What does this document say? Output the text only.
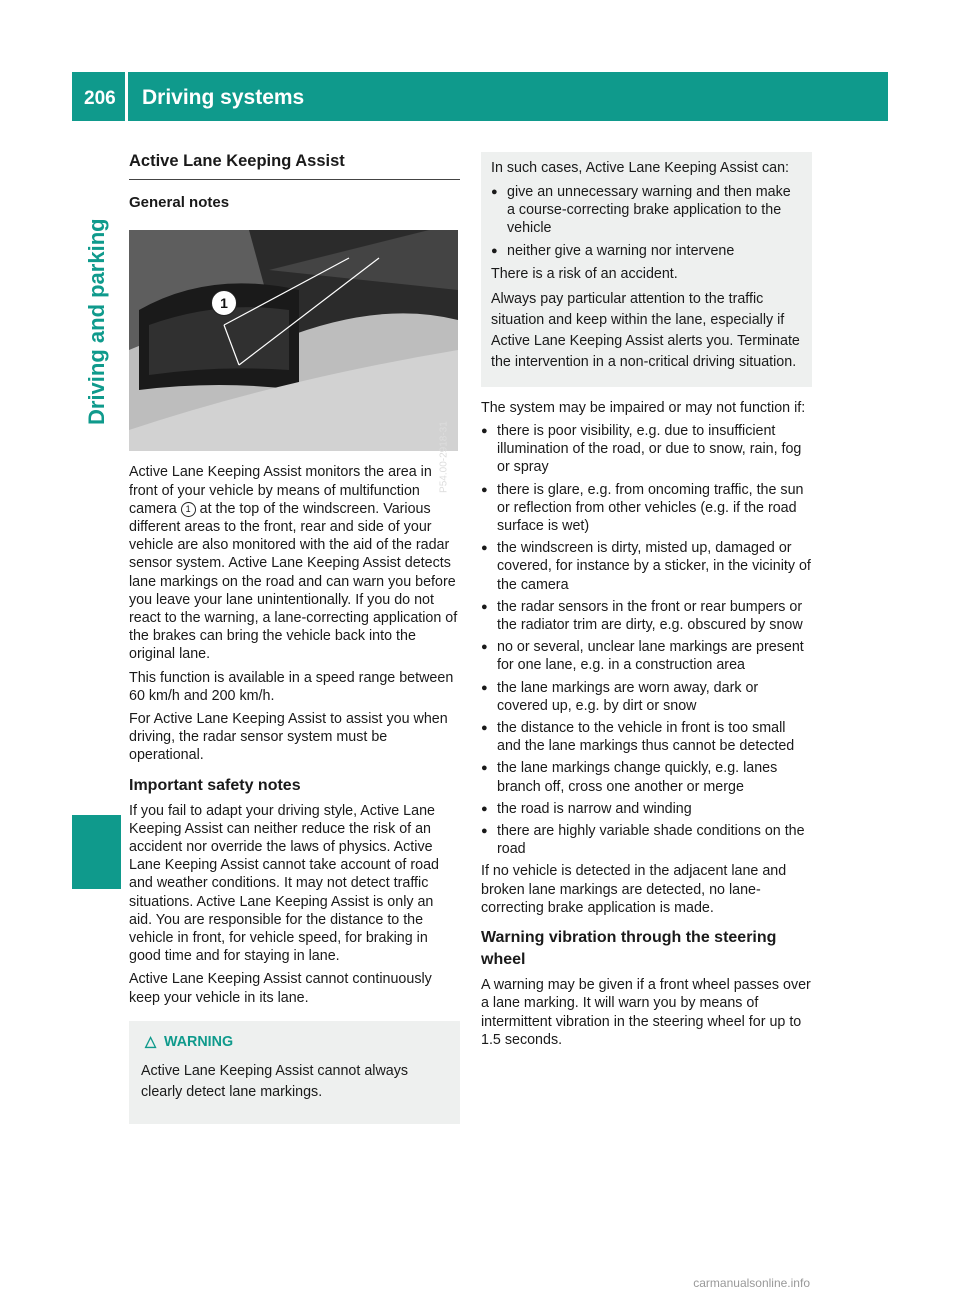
206 Driving systems
Driving and parking
Active Lane Keeping Assist
General notes
1
P54.00-2918-31

Active Lane Keeping Assist monitors the area in front of your vehicle by means of multifunction camera 1 at the top of the windscreen. Various different areas to the front, rear and side of your vehicle are also monitored with the aid of the radar sensor system. Active Lane Keeping Assist detects lane markings on the road and can warn you before you leave your lane unintentionally. If you do not react to the warning, a lane-correcting application of the brakes can bring the vehicle back into the original lane.

This function is available in a speed range between 60 km/h and 200 km/h.

For Active Lane Keeping Assist to assist you when driving, the radar sensor system must be operational.

Important safety notes

If you fail to adapt your driving style, Active Lane Keeping Assist can neither reduce the risk of an accident nor override the laws of physics. Active Lane Keeping Assist cannot take account of road and weather conditions. It may not detect traffic situations. Active Lane Keeping Assist is only an aid. You are responsible for the distance to the vehicle in front, for vehicle speed, for braking in good time and for staying in lane.

Active Lane Keeping Assist cannot continuously keep your vehicle in its lane.

△ WARNING

Active Lane Keeping Assist cannot always clearly detect lane markings.

In such cases, Active Lane Keeping Assist can:

● give an unnecessary warning and then make a course-correcting brake application to the vehicle
● neither give a warning nor intervene

There is a risk of an accident.

Always pay particular attention to the traffic situation and keep within the lane, especially if Active Lane Keeping Assist alerts you. Terminate the intervention in a non-critical driving situation.

The system may be impaired or may not function if:

● there is poor visibility, e.g. due to insufficient illumination of the road, or due to snow, rain, fog or spray
● there is glare, e.g. from oncoming traffic, the sun or reflection from other vehicles (e.g. if the road surface is wet)
● the windscreen is dirty, misted up, damaged or covered, for instance by a sticker, in the vicinity of the camera
● the radar sensors in the front or rear bumpers or the radiator trim are dirty, e.g. obscured by snow
● no or several, unclear lane markings are present for one lane, e.g. in a construction area
● the lane markings are worn away, dark or covered up, e.g. by dirt or snow
● the distance to the vehicle in front is too small and the lane markings thus cannot be detected
● the lane markings change quickly, e.g. lanes branch off, cross one another or merge
● the road is narrow and winding
● there are highly variable shade conditions on the road

If no vehicle is detected in the adjacent lane and broken lane markings are detected, no lane-correcting brake application is made.

Warning vibration through the steering wheel

A warning may be given if a front wheel passes over a lane marking. It will warn you by means of intermittent vibration in the steering wheel for up to 1.5 seconds.

carmanualsonline.info
